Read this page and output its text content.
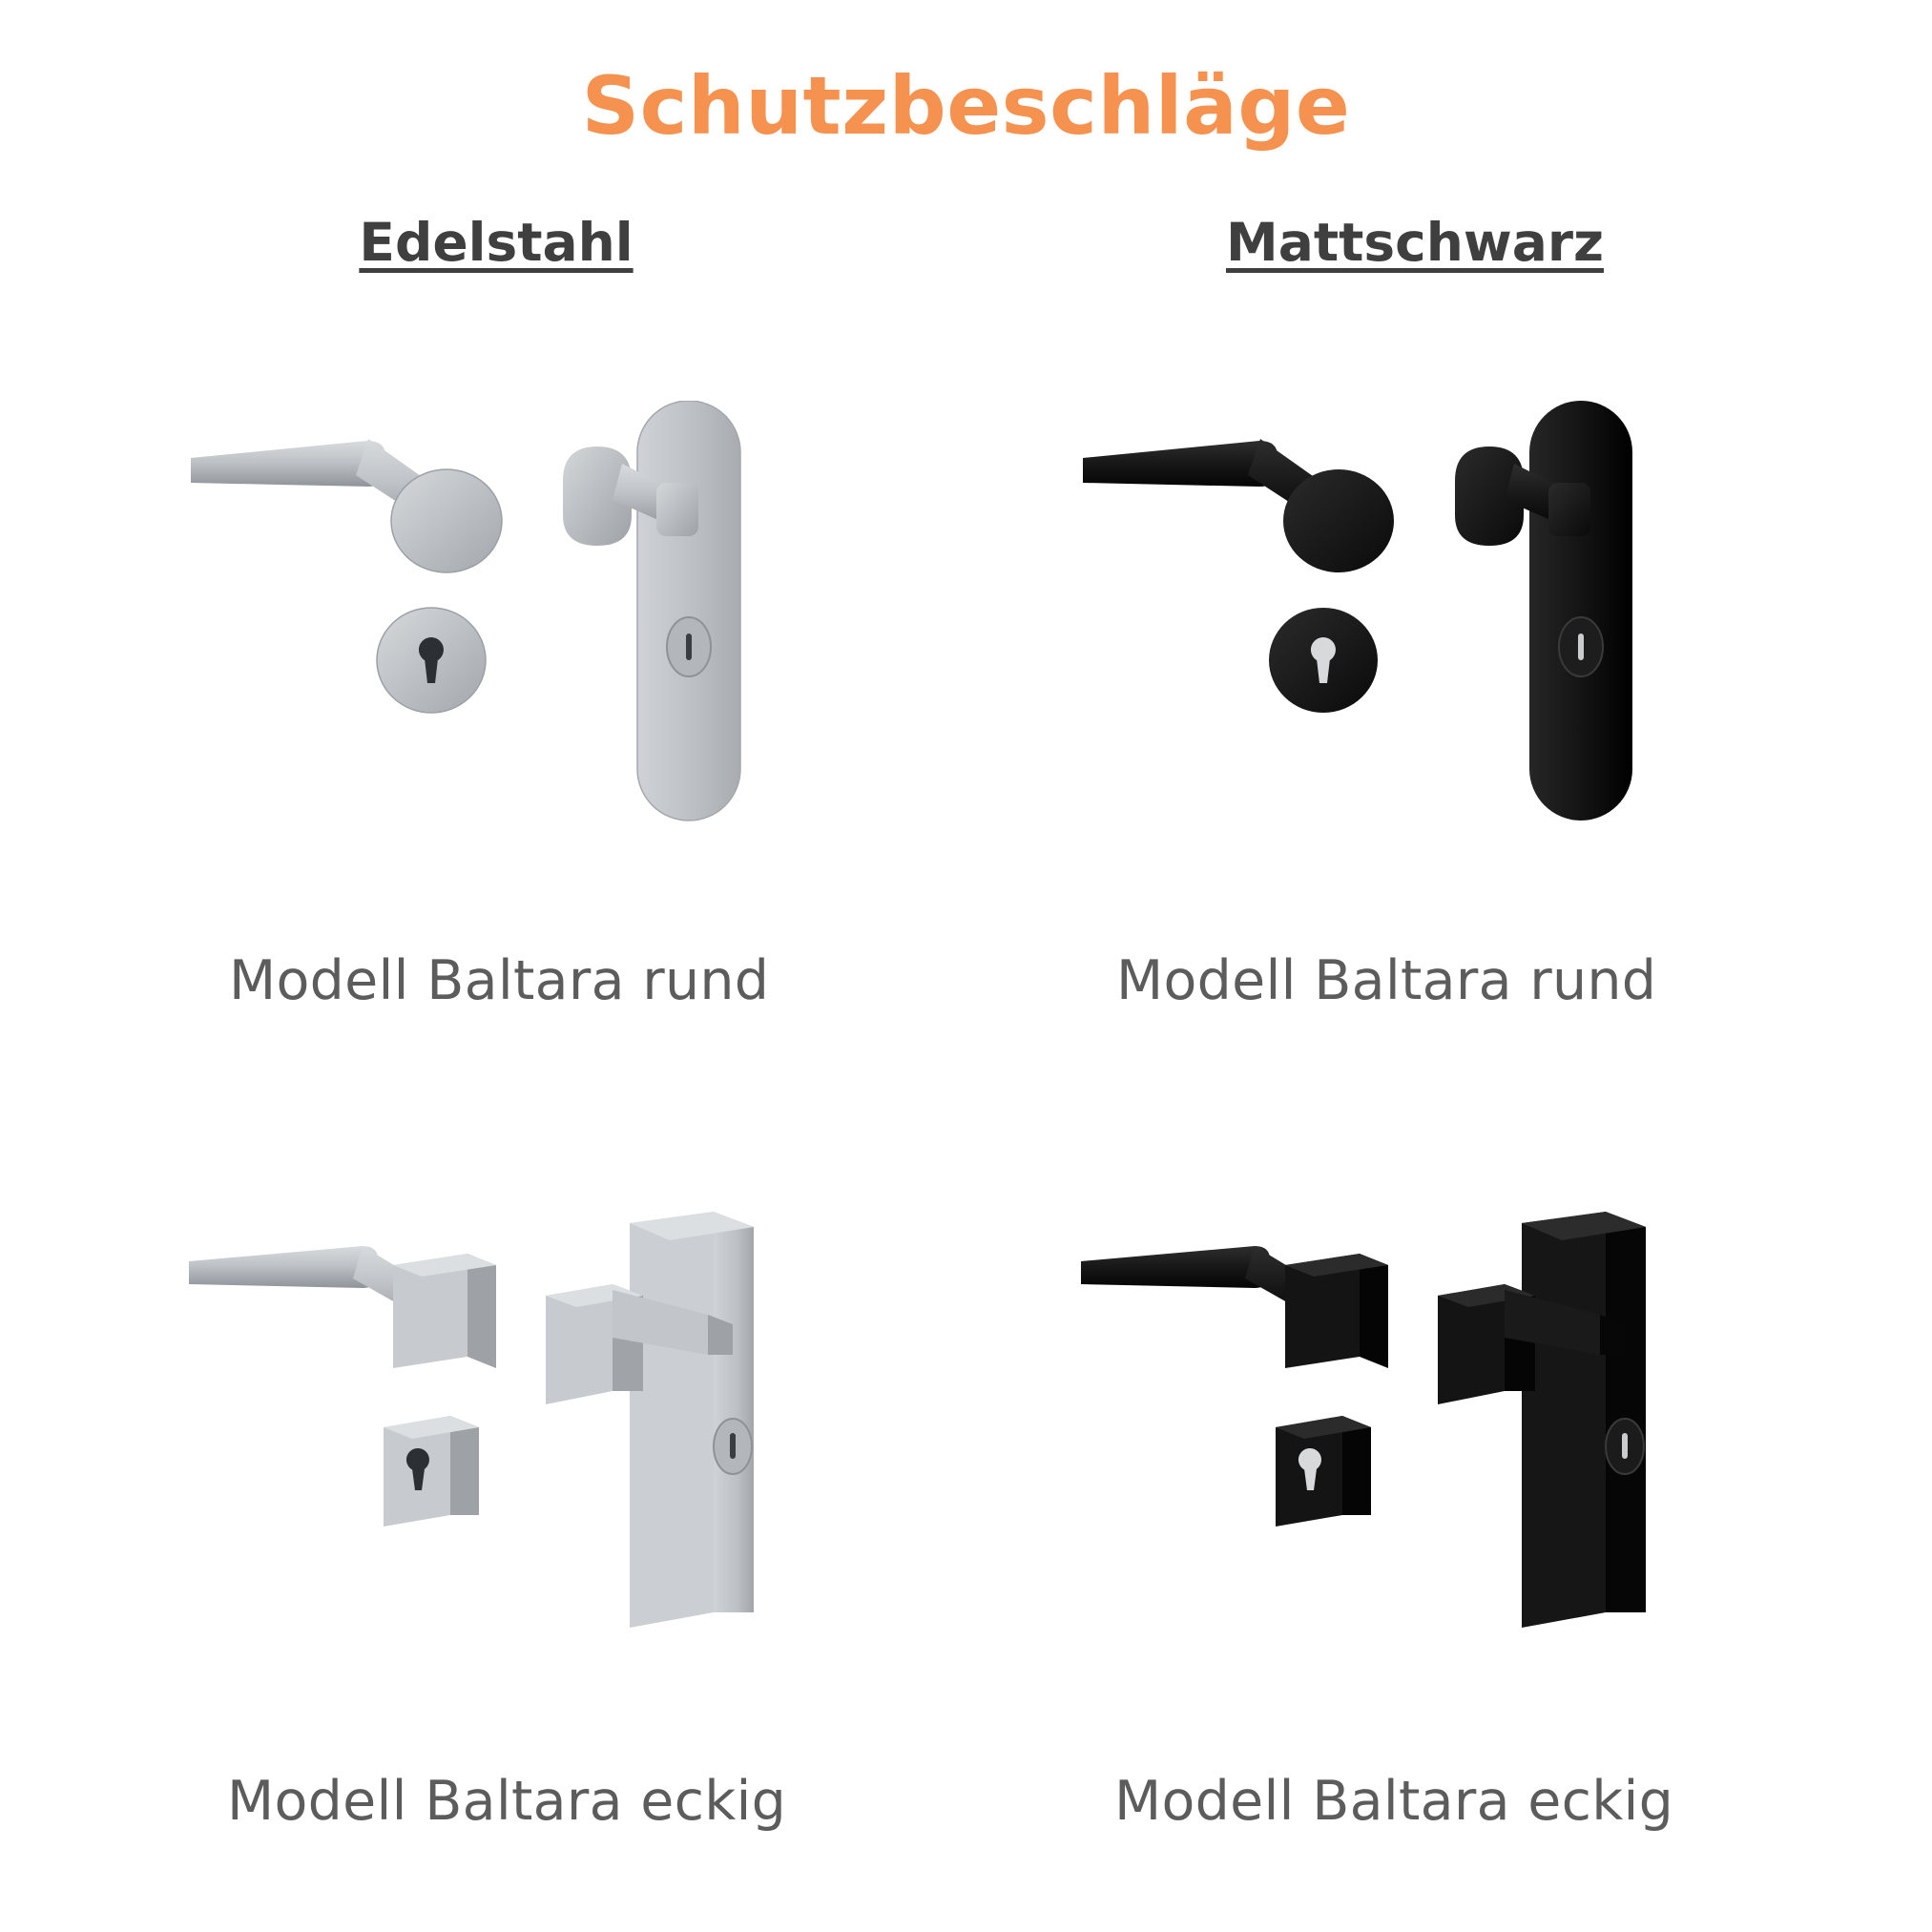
Schutzbeschläge
Edelstahl	Mattschwarz
Modell Baltara rund	Modell Baltara rund
Modell Baltara eckig	Modell Baltara eckig
